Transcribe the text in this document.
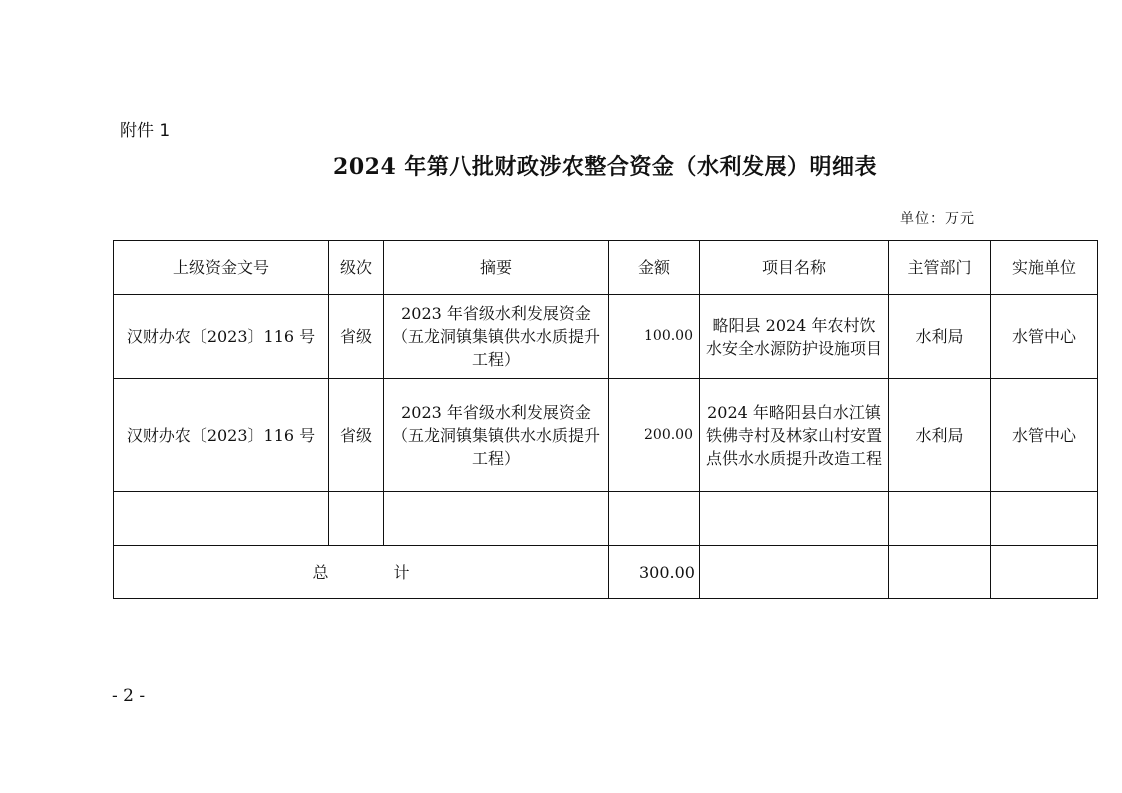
附件 1
2024 年第八批财政涉农整合资金（水利发展）明细表
单位：万元
上级资金文号	级次	摘要	金额	项目名称	主管部门	实施单位
汉财办农〔2023〕116 号	省级	2023 年省级水利发展资金（五龙洞镇集镇供水水质提升工程）	100.00	略阳县 2024 年农村饮水安全水源防护设施项目	水利局	水管中心
汉财办农〔2023〕116 号	省级	2023 年省级水利发展资金（五龙洞镇集镇供水水质提升工程）	200.00	2024 年略阳县白水江镇铁佛寺村及林家山村安置点供水水质提升改造工程	水利局	水管中心

总 计			300.00			
- 2 -
